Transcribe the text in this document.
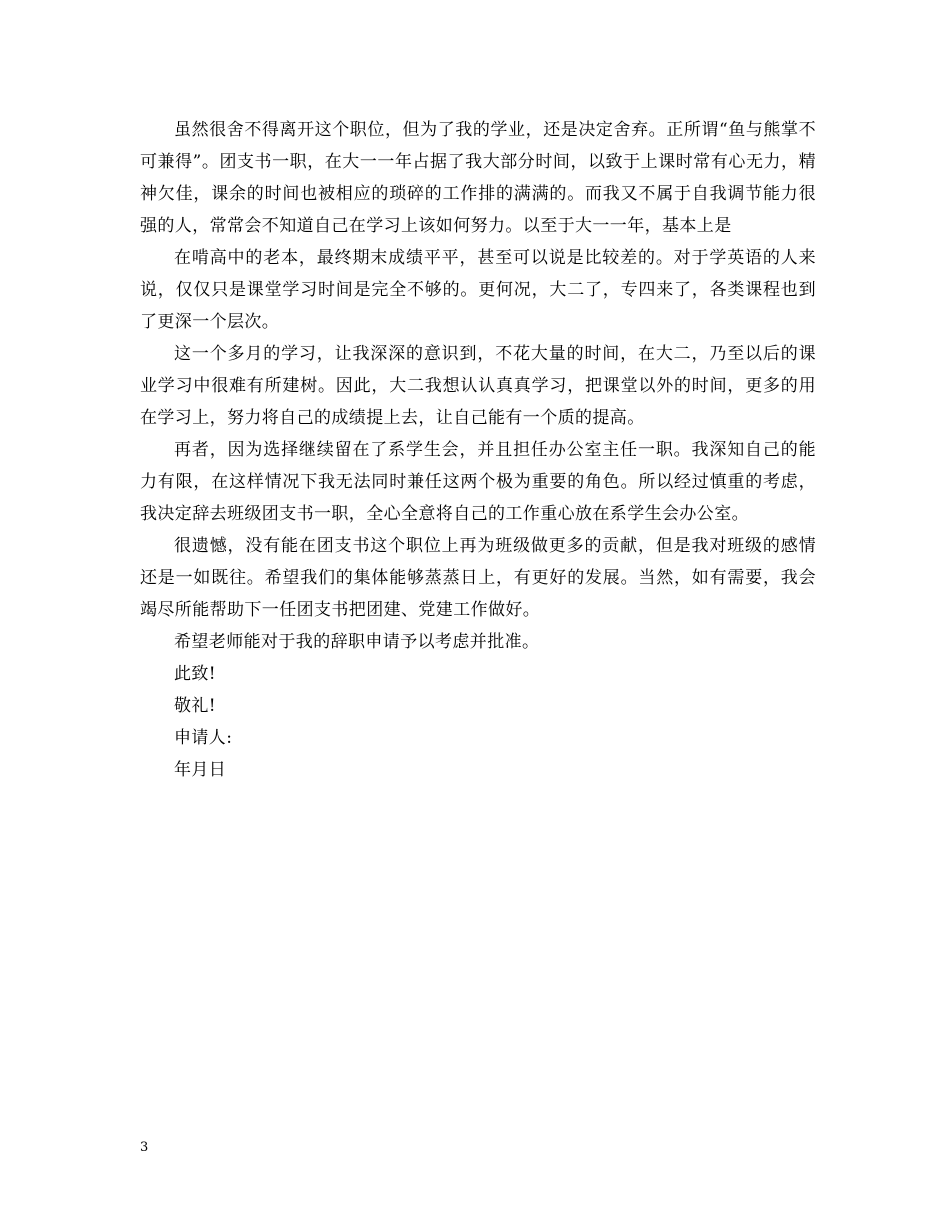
虽然很舍不得离开这个职位，但为了我的学业，还是决定舍弃。正所谓“鱼与熊掌不可兼得”。团支书一职，在大一一年占据了我大部分时间，以致于上课时常有心无力，精神欠佳，课余的时间也被相应的琐碎的工作排的满满的。而我又不属于自我调节能力很强的人，常常会不知道自己在学习上该如何努力。以至于大一一年，基本上是

在啃高中的老本，最终期末成绩平平，甚至可以说是比较差的。对于学英语的人来说，仅仅只是课堂学习时间是完全不够的。更何况，大二了，专四来了，各类课程也到了更深一个层次。

这一个多月的学习，让我深深的意识到，不花大量的时间，在大二，乃至以后的课业学习中很难有所建树。因此，大二我想认认真真学习，把课堂以外的时间，更多的用在学习上，努力将自己的成绩提上去，让自己能有一个质的提高。

再者，因为选择继续留在了系学生会，并且担任办公室主任一职。我深知自己的能力有限，在这样情况下我无法同时兼任这两个极为重要的角色。所以经过慎重的考虑，我决定辞去班级团支书一职，全心全意将自己的工作重心放在系学生会办公室。

很遗憾，没有能在团支书这个职位上再为班级做更多的贡献，但是我对班级的感情还是一如既往。希望我们的集体能够蒸蒸日上，有更好的发展。当然，如有需要，我会竭尽所能帮助下一任团支书把团建、党建工作做好。

希望老师能对于我的辞职申请予以考虑并批准。

此致!

敬礼!

申请人:

年月日

3
